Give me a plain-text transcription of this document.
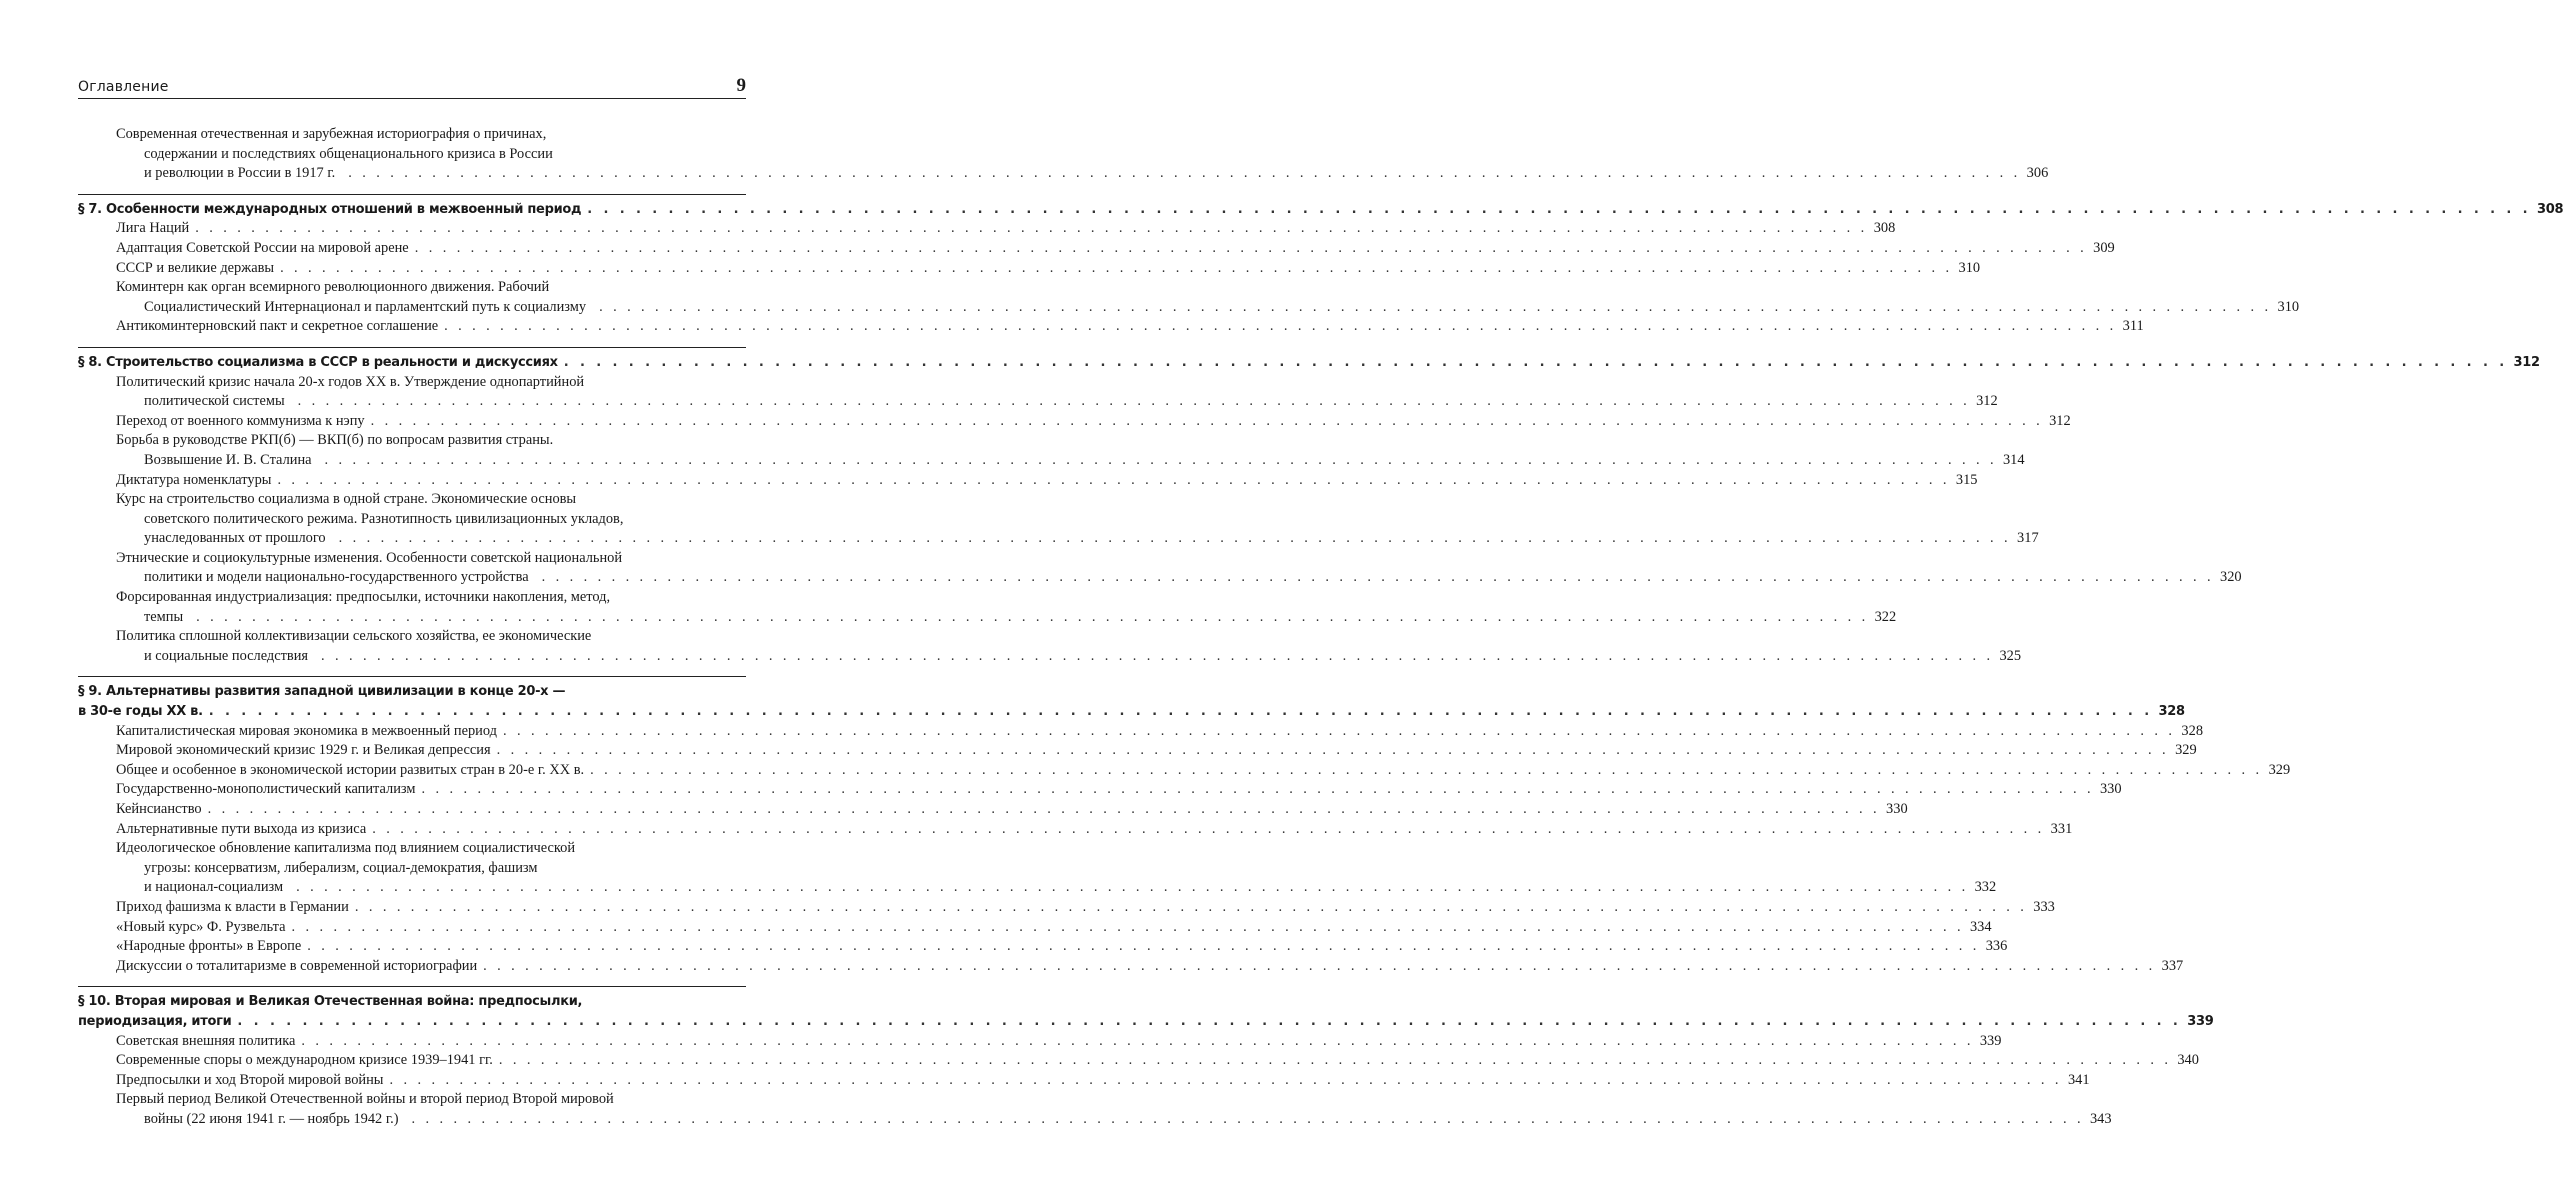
Оглавление	9
Современная отечественная и зарубежная историография о причинах,
содержании и последствиях общенационального кризиса в России
и революции в России в 1917 г. . . . . . . . . . . . . . . . . . . . . . . . . . . . . . . . . . . . . . . . . . . . . . . . . . . . . . . . . . . . . . . . . . . . . . . . . . . . . . . . . . . . . . . . . . . . . . . . . . . . . . . . . . . . . . . . . . . . . . . . . 306
§ 7. Особенности международных отношений в межвоенный период . . . . . . . . . . . . . . . . . . . . . . . . . . . . . . . . . . . . . . . . . . . . . . . . . . . . . . . . . . . . . . . . . . . . . . . . . . . . . . . . . . . . . . . . . . . . . . . . . . . . . . . . . . . . . . . . . . . . . . . . 308
Лига Наций . . . . . . . . . . . . . . . . . . . . . . . . . . . . . . . . . . . . . . . . . . . . . . . . . . . . . . . . . . . . . . . . . . . . . . . . . . . . . . . . . . . . . . . . . . . . . . . . . . . . . . . . . . . . . . . . . . . . . . . . 308
Адаптация Советской России на мировой арене . . . . . . . . . . . . . . . . . . . . . . . . . . . . . . . . . . . . . . . . . . . . . . . . . . . . . . . . . . . . . . . . . . . . . . . . . . . . . . . . . . . . . . . . . . . . . . . . . . . . . . . . . . . . . . . . . . . . . . . . 309
СССР и великие державы . . . . . . . . . . . . . . . . . . . . . . . . . . . . . . . . . . . . . . . . . . . . . . . . . . . . . . . . . . . . . . . . . . . . . . . . . . . . . . . . . . . . . . . . . . . . . . . . . . . . . . . . . . . . . . . . . . . . . . . . 310
Коминтерн как орган всемирного революционного движения. Рабочий
Социалистический Интернационал и парламентский путь к социализму . . . . . . . . . . . . . . . . . . . . . . . . . . . . . . . . . . . . . . . . . . . . . . . . . . . . . . . . . . . . . . . . . . . . . . . . . . . . . . . . . . . . . . . . . . . . . . . . . . . . . . . . . . . . . . . . . . . . . . . . 310
Антикоминтерновский пакт и секретное соглашение . . . . . . . . . . . . . . . . . . . . . . . . . . . . . . . . . . . . . . . . . . . . . . . . . . . . . . . . . . . . . . . . . . . . . . . . . . . . . . . . . . . . . . . . . . . . . . . . . . . . . . . . . . . . . . . . . . . . . . . . 311
§ 8. Строительство социализма в СССР в реальности и дискуссиях . . . . . . . . . . . . . . . . . . . . . . . . . . . . . . . . . . . . . . . . . . . . . . . . . . . . . . . . . . . . . . . . . . . . . . . . . . . . . . . . . . . . . . . . . . . . . . . . . . . . . . . . . . . . . . . . . . . . . . . . 312
Политический кризис начала 20-х годов XX в. Утверждение однопартийной
политической системы . . . . . . . . . . . . . . . . . . . . . . . . . . . . . . . . . . . . . . . . . . . . . . . . . . . . . . . . . . . . . . . . . . . . . . . . . . . . . . . . . . . . . . . . . . . . . . . . . . . . . . . . . . . . . . . . . . . . . . . . 312
Переход от военного коммунизма к нэпу . . . . . . . . . . . . . . . . . . . . . . . . . . . . . . . . . . . . . . . . . . . . . . . . . . . . . . . . . . . . . . . . . . . . . . . . . . . . . . . . . . . . . . . . . . . . . . . . . . . . . . . . . . . . . . . . . . . . . . . . 312
Борьба в руководстве РКП(б) — ВКП(б) по вопросам развития страны.
Возвышение И. В. Сталина . . . . . . . . . . . . . . . . . . . . . . . . . . . . . . . . . . . . . . . . . . . . . . . . . . . . . . . . . . . . . . . . . . . . . . . . . . . . . . . . . . . . . . . . . . . . . . . . . . . . . . . . . . . . . . . . . . . . . . . . 314
Диктатура номенклатуры . . . . . . . . . . . . . . . . . . . . . . . . . . . . . . . . . . . . . . . . . . . . . . . . . . . . . . . . . . . . . . . . . . . . . . . . . . . . . . . . . . . . . . . . . . . . . . . . . . . . . . . . . . . . . . . . . . . . . . . . 315
Курс на строительство социализма в одной стране. Экономические основы
советского политического режима. Разнотипность цивилизационных укладов,
унаследованных от прошлого . . . . . . . . . . . . . . . . . . . . . . . . . . . . . . . . . . . . . . . . . . . . . . . . . . . . . . . . . . . . . . . . . . . . . . . . . . . . . . . . . . . . . . . . . . . . . . . . . . . . . . . . . . . . . . . . . . . . . . . . 317
Этнические и социокультурные изменения. Особенности советской национальной
политики и модели национально-государственного устройства . . . . . . . . . . . . . . . . . . . . . . . . . . . . . . . . . . . . . . . . . . . . . . . . . . . . . . . . . . . . . . . . . . . . . . . . . . . . . . . . . . . . . . . . . . . . . . . . . . . . . . . . . . . . . . . . . . . . . . . . 320
Форсированная индустриализация: предпосылки, источники накопления, метод,
темпы . . . . . . . . . . . . . . . . . . . . . . . . . . . . . . . . . . . . . . . . . . . . . . . . . . . . . . . . . . . . . . . . . . . . . . . . . . . . . . . . . . . . . . . . . . . . . . . . . . . . . . . . . . . . . . . . . . . . . . . . 322
Политика сплошной коллективизации сельского хозяйства, ее экономические
и социальные последствия . . . . . . . . . . . . . . . . . . . . . . . . . . . . . . . . . . . . . . . . . . . . . . . . . . . . . . . . . . . . . . . . . . . . . . . . . . . . . . . . . . . . . . . . . . . . . . . . . . . . . . . . . . . . . . . . . . . . . . . . 325
§ 9. Альтернативы развития западной цивилизации в конце 20-х —
в 30-е годы XX в. . . . . . . . . . . . . . . . . . . . . . . . . . . . . . . . . . . . . . . . . . . . . . . . . . . . . . . . . . . . . . . . . . . . . . . . . . . . . . . . . . . . . . . . . . . . . . . . . . . . . . . . . . . . . . . . . . . . . . . . . 328
Капиталистическая мировая экономика в межвоенный период . . . . . . . . . . . . . . . . . . . . . . . . . . . . . . . . . . . . . . . . . . . . . . . . . . . . . . . . . . . . . . . . . . . . . . . . . . . . . . . . . . . . . . . . . . . . . . . . . . . . . . . . . . . . . . . . . . . . . . . . 328
Мировой экономический кризис 1929 г. и Великая депрессия . . . . . . . . . . . . . . . . . . . . . . . . . . . . . . . . . . . . . . . . . . . . . . . . . . . . . . . . . . . . . . . . . . . . . . . . . . . . . . . . . . . . . . . . . . . . . . . . . . . . . . . . . . . . . . . . . . . . . . . . 329
Общее и особенное в экономической истории развитых стран в 20-е г. XX в. . . . . . . . . . . . . . . . . . . . . . . . . . . . . . . . . . . . . . . . . . . . . . . . . . . . . . . . . . . . . . . . . . . . . . . . . . . . . . . . . . . . . . . . . . . . . . . . . . . . . . . . . . . . . . . . . . . . . . . . . 329
Государственно-монополистический капитализм . . . . . . . . . . . . . . . . . . . . . . . . . . . . . . . . . . . . . . . . . . . . . . . . . . . . . . . . . . . . . . . . . . . . . . . . . . . . . . . . . . . . . . . . . . . . . . . . . . . . . . . . . . . . . . . . . . . . . . . . 330
Кейнсианство . . . . . . . . . . . . . . . . . . . . . . . . . . . . . . . . . . . . . . . . . . . . . . . . . . . . . . . . . . . . . . . . . . . . . . . . . . . . . . . . . . . . . . . . . . . . . . . . . . . . . . . . . . . . . . . . . . . . . . . . 330
Альтернативные пути выхода из кризиса . . . . . . . . . . . . . . . . . . . . . . . . . . . . . . . . . . . . . . . . . . . . . . . . . . . . . . . . . . . . . . . . . . . . . . . . . . . . . . . . . . . . . . . . . . . . . . . . . . . . . . . . . . . . . . . . . . . . . . . . 331
Идеологическое обновление капитализма под влиянием социалистической
угрозы: консерватизм, либерализм, социал-демократия, фашизм
и национал-социализм . . . . . . . . . . . . . . . . . . . . . . . . . . . . . . . . . . . . . . . . . . . . . . . . . . . . . . . . . . . . . . . . . . . . . . . . . . . . . . . . . . . . . . . . . . . . . . . . . . . . . . . . . . . . . . . . . . . . . . . . 332
Приход фашизма к власти в Германии . . . . . . . . . . . . . . . . . . . . . . . . . . . . . . . . . . . . . . . . . . . . . . . . . . . . . . . . . . . . . . . . . . . . . . . . . . . . . . . . . . . . . . . . . . . . . . . . . . . . . . . . . . . . . . . . . . . . . . . . 333
«Новый курс» Ф. Рузвельта . . . . . . . . . . . . . . . . . . . . . . . . . . . . . . . . . . . . . . . . . . . . . . . . . . . . . . . . . . . . . . . . . . . . . . . . . . . . . . . . . . . . . . . . . . . . . . . . . . . . . . . . . . . . . . . . . . . . . . . . 334
«Народные фронты» в Европе . . . . . . . . . . . . . . . . . . . . . . . . . . . . . . . . . . . . . . . . . . . . . . . . . . . . . . . . . . . . . . . . . . . . . . . . . . . . . . . . . . . . . . . . . . . . . . . . . . . . . . . . . . . . . . . . . . . . . . . . 336
Дискуссии о тоталитаризме в современной историографии . . . . . . . . . . . . . . . . . . . . . . . . . . . . . . . . . . . . . . . . . . . . . . . . . . . . . . . . . . . . . . . . . . . . . . . . . . . . . . . . . . . . . . . . . . . . . . . . . . . . . . . . . . . . . . . . . . . . . . . . 337
§ 10. Вторая мировая и Великая Отечественная война: предпосылки,
периодизация, итоги . . . . . . . . . . . . . . . . . . . . . . . . . . . . . . . . . . . . . . . . . . . . . . . . . . . . . . . . . . . . . . . . . . . . . . . . . . . . . . . . . . . . . . . . . . . . . . . . . . . . . . . . . . . . . . . . . . . . . . . . 339
Советская внешняя политика . . . . . . . . . . . . . . . . . . . . . . . . . . . . . . . . . . . . . . . . . . . . . . . . . . . . . . . . . . . . . . . . . . . . . . . . . . . . . . . . . . . . . . . . . . . . . . . . . . . . . . . . . . . . . . . . . . . . . . . . 339
Современные споры о международном кризисе 1939–1941 гг. . . . . . . . . . . . . . . . . . . . . . . . . . . . . . . . . . . . . . . . . . . . . . . . . . . . . . . . . . . . . . . . . . . . . . . . . . . . . . . . . . . . . . . . . . . . . . . . . . . . . . . . . . . . . . . . . . . . . . . . . 340
Предпосылки и ход Второй мировой войны . . . . . . . . . . . . . . . . . . . . . . . . . . . . . . . . . . . . . . . . . . . . . . . . . . . . . . . . . . . . . . . . . . . . . . . . . . . . . . . . . . . . . . . . . . . . . . . . . . . . . . . . . . . . . . . . . . . . . . . . 341
Первый период Великой Отечественной войны и второй период Второй мировой
войны (22 июня 1941 г. — ноябрь 1942 г.) . . . . . . . . . . . . . . . . . . . . . . . . . . . . . . . . . . . . . . . . . . . . . . . . . . . . . . . . . . . . . . . . . . . . . . . . . . . . . . . . . . . . . . . . . . . . . . . . . . . . . . . . . . . . . . . . . . . . . . . . 343
